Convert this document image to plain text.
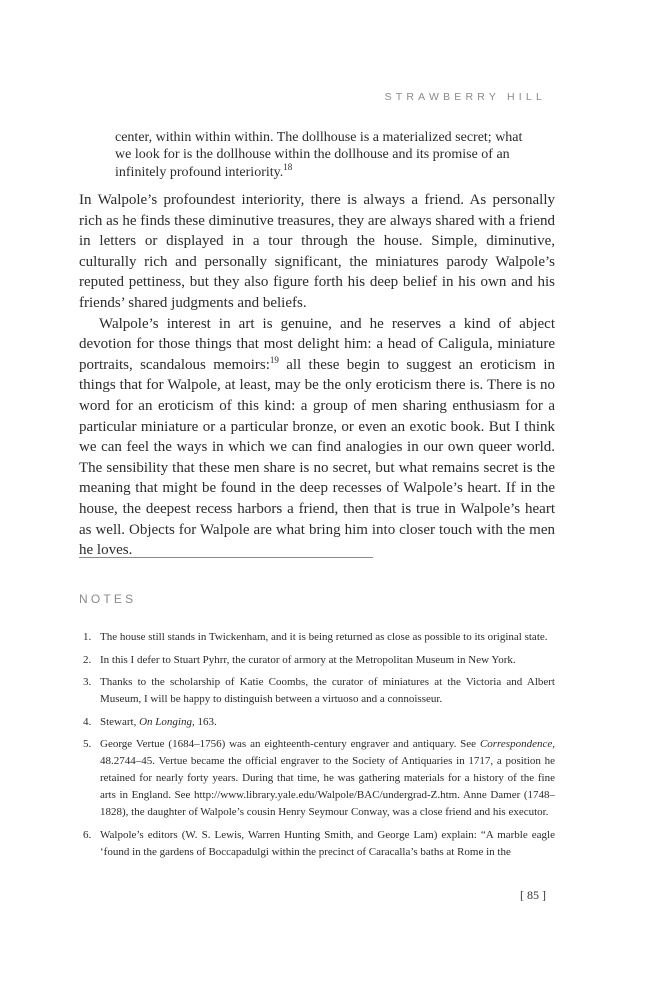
STRAWBERRY HILL

center, within within within. The dollhouse is a materialized secret; what we look for is the dollhouse within the dollhouse and its promise of an infinitely profound interiority.$^{18}$

In Walpole’s profoundest interiority, there is always a friend. As personally rich as he finds these diminutive treasures, they are always shared with a friend in letters or displayed in a tour through the house. Simple, diminutive, culturally rich and personally significant, the miniatures parody Walpole’s reputed pettiness, but they also figure forth his deep belief in his own and his friends’ shared judgments and beliefs.

Walpole’s interest in art is genuine, and he reserves a kind of abject devotion for those things that most delight him: a head of Caligula, miniature portraits, scandalous memoirs:$^{19}$ all these begin to suggest an eroticism in things that for Walpole, at least, may be the only eroticism there is. There is no word for an eroticism of this kind: a group of men sharing enthusiasm for a particular miniature or a particular bronze, or even an exotic book. But I think we can feel the ways in which we can find analogies in our own queer world. The sensibility that these men share is no secret, but what remains secret is the meaning that might be found in the deep recesses of Walpole’s heart. If in the house, the deepest recess harbors a friend, then that is true in Walpole’s heart as well. Objects for Walpole are what bring him into closer touch with the men he loves.

NOTES
1. The house still stands in Twickenham, and it is being returned as close as possible to its original state.
2. In this I defer to Stuart Pyhrr, the curator of armory at the Metropolitan Museum in New York.
3. Thanks to the scholarship of Katie Coombs, the curator of miniatures at the Victoria and Albert Museum, I will be happy to distinguish between a virtuoso and a connoisseur.
4. Stewart, On Longing, 163.
5. George Vertue (1684–1756) was an eighteenth-century engraver and antiquary. See Correspondence, 48.2744–45. Vertue became the official engraver to the Society of Antiquaries in 1717, a position he retained for nearly forty years. During that time, he was gathering materials for a history of the fine arts in England. See http://www.library.yale.edu/Walpole/BAC/undergrad-Z.htm. Anne Damer (1748–1828), the daughter of Walpole’s cousin Henry Seymour Conway, was a close friend and his executor.
6. Walpole’s editors (W. S. Lewis, Warren Hunting Smith, and George Lam) explain: “A marble eagle ‘found in the gardens of Boccapadulgi within the precinct of Caracalla’s baths at Rome in the
[ 85 ]
